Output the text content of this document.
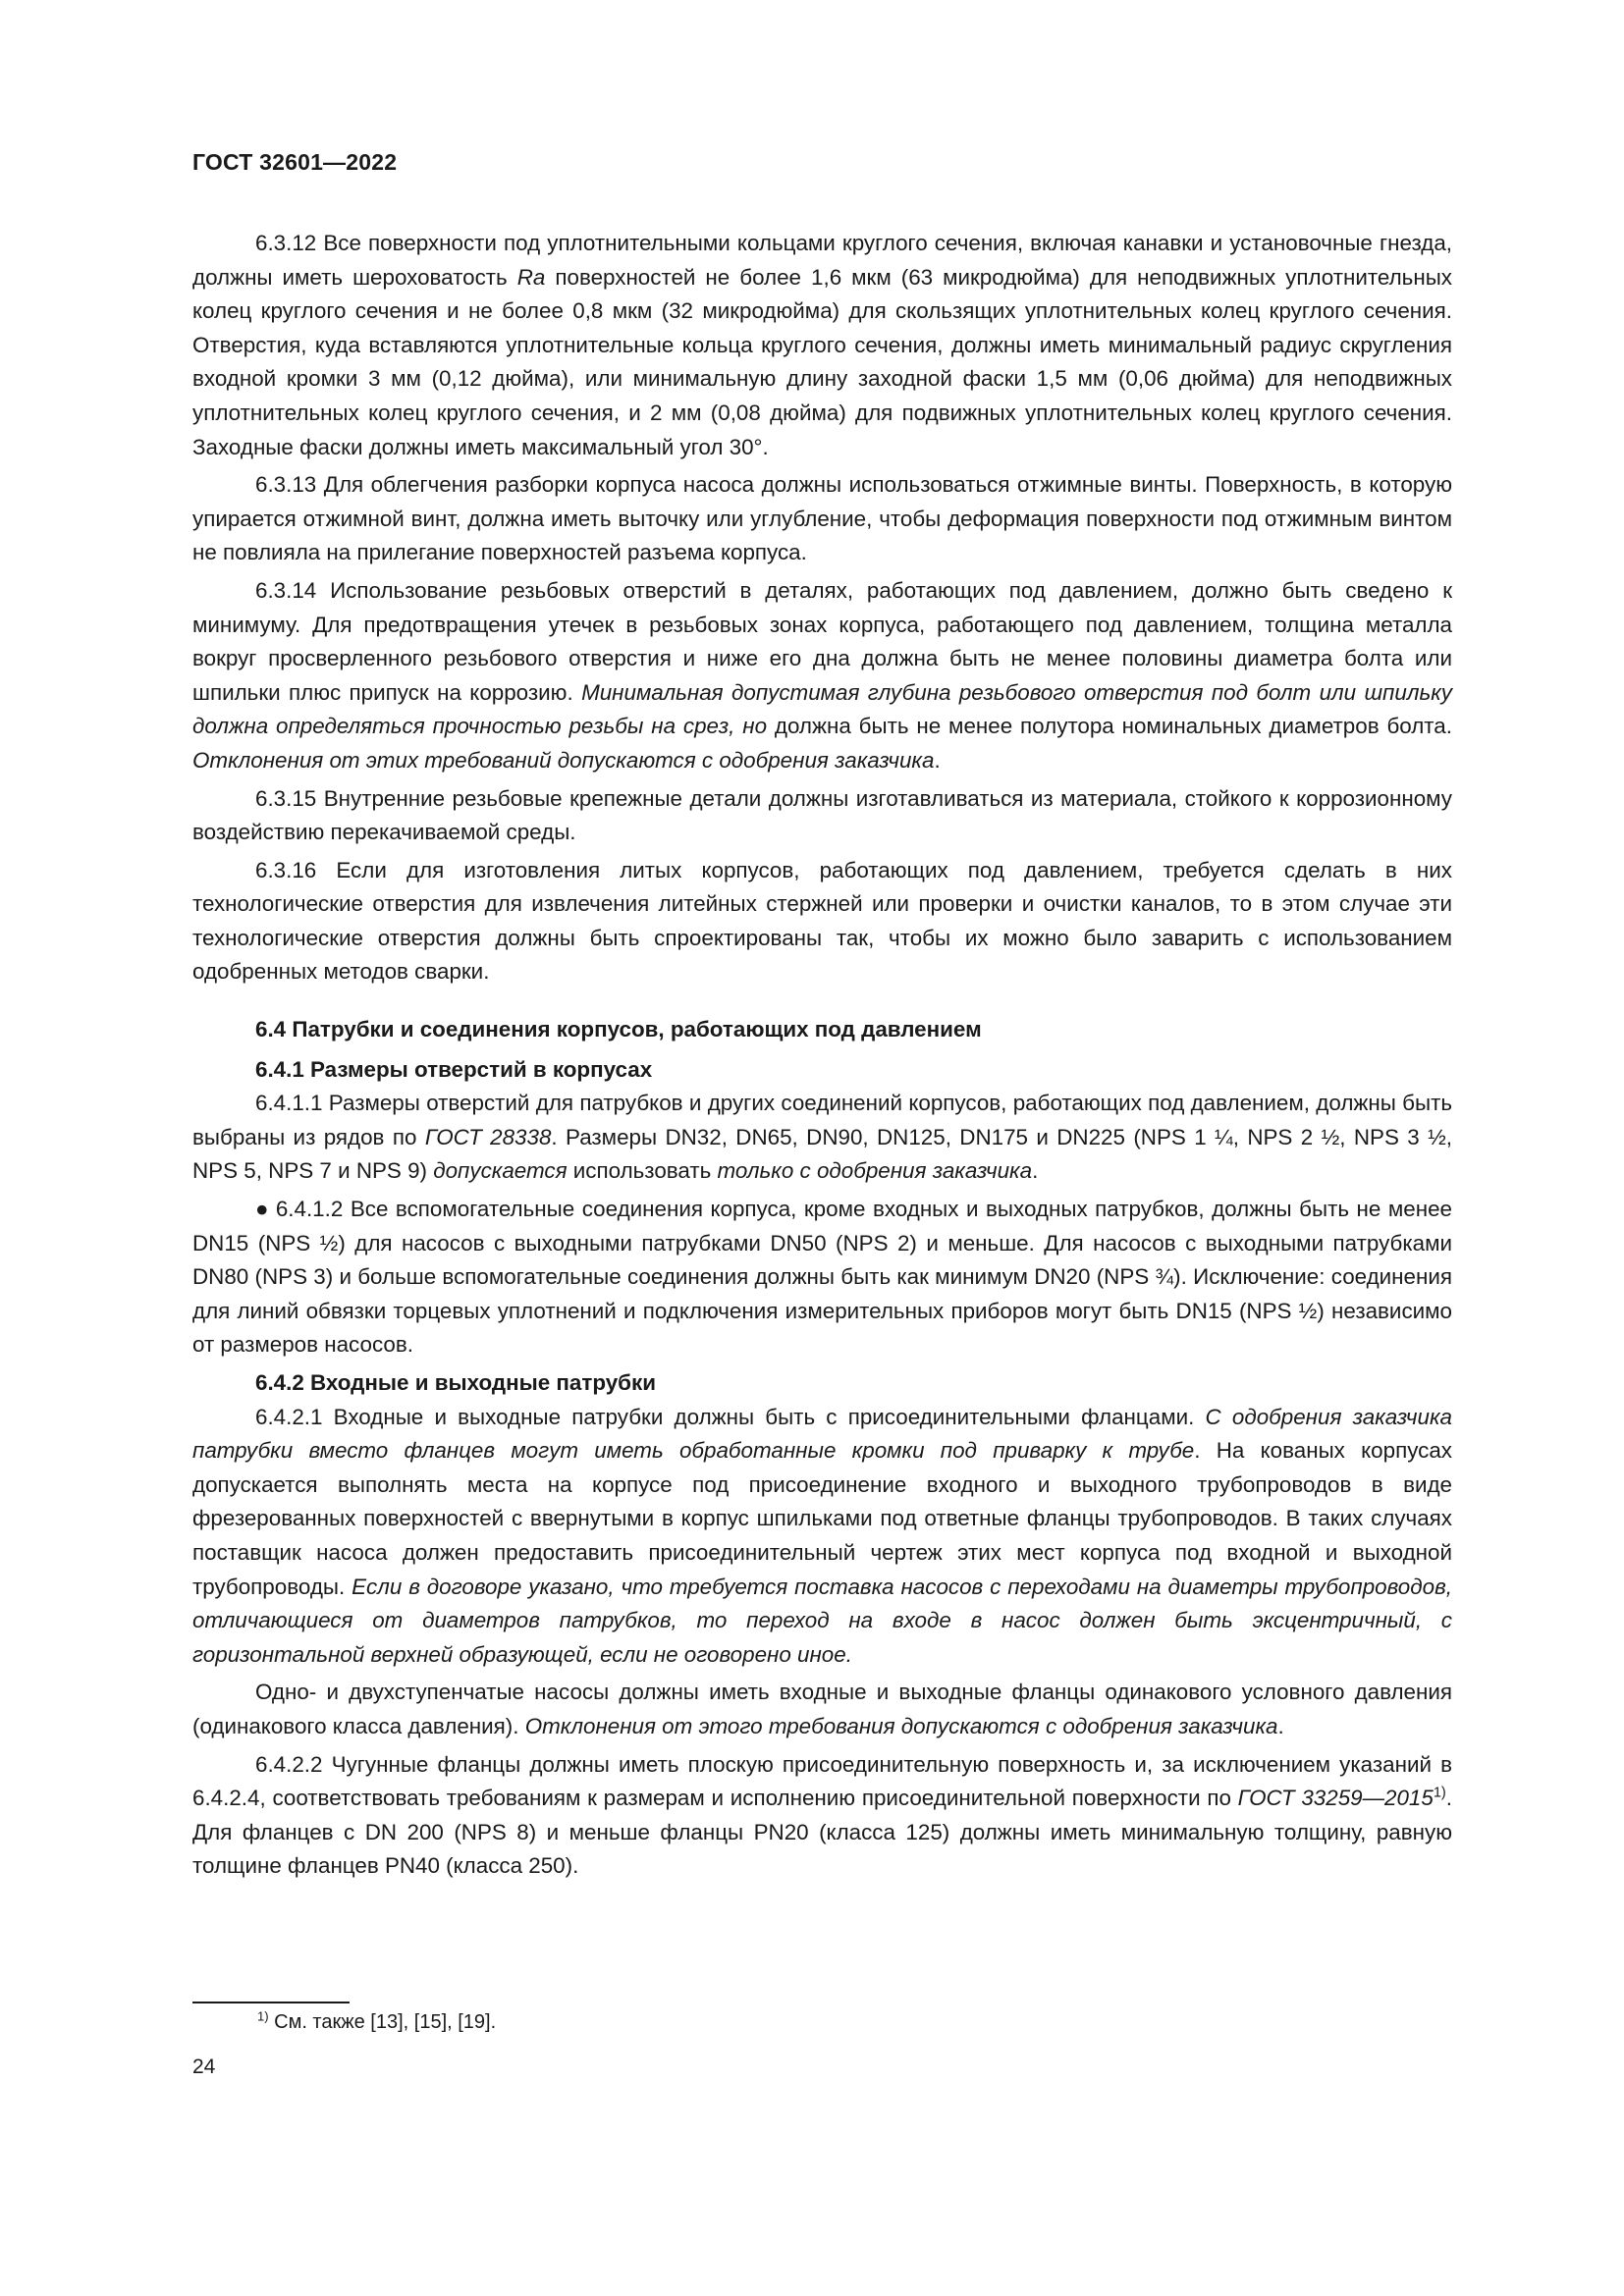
ГОСТ 32601—2022

6.3.12 Все поверхности под уплотнительными кольцами круглого сечения, включая канавки и установочные гнезда, должны иметь шероховатость Ra поверхностей не более 1,6 мкм (63 микродюйма) для неподвижных уплотнительных колец круглого сечения и не более 0,8 мкм (32 микродюйма) для скользящих уплотнительных колец круглого сечения. Отверстия, куда вставляются уплотнительные кольца круглого сечения, должны иметь минимальный радиус скругления входной кромки 3 мм (0,12 дюйма), или минимальную длину заходной фаски 1,5 мм (0,06 дюйма) для неподвижных уплотнительных колец круглого сечения, и 2 мм (0,08 дюйма) для подвижных уплотнительных колец круглого сечения. Заходные фаски должны иметь максимальный угол 30°.

6.3.13 Для облегчения разборки корпуса насоса должны использоваться отжимные винты. Поверхность, в которую упирается отжимной винт, должна иметь выточку или углубление, чтобы деформация поверхности под отжимным винтом не повлияла на прилегание поверхностей разъема корпуса.

6.3.14 Использование резьбовых отверстий в деталях, работающих под давлением, должно быть сведено к минимуму. Для предотвращения утечек в резьбовых зонах корпуса, работающего под давлением, толщина металла вокруг просверленного резьбового отверстия и ниже его дна должна быть не менее половины диаметра болта или шпильки плюс припуск на коррозию. Минимальная допустимая глубина резьбового отверстия под болт или шпильку должна определяться прочностью резьбы на срез, но должна быть не менее полутора номинальных диаметров болта. Отклонения от этих требований допускаются с одобрения заказчика.

6.3.15 Внутренние резьбовые крепежные детали должны изготавливаться из материала, стойкого к коррозионному воздействию перекачиваемой среды.

6.3.16 Если для изготовления литых корпусов, работающих под давлением, требуется сделать в них технологические отверстия для извлечения литейных стержней или проверки и очистки каналов, то в этом случае эти технологические отверстия должны быть спроектированы так, чтобы их можно было заварить с использованием одобренных методов сварки.

6.4 Патрубки и соединения корпусов, работающих под давлением
6.4.1 Размеры отверстий в корпусах

6.4.1.1 Размеры отверстий для патрубков и других соединений корпусов, работающих под давлением, должны быть выбраны из рядов по ГОСТ 28338. Размеры DN32, DN65, DN90, DN125, DN175 и DN225 (NPS 1 ¼, NPS 2 ½, NPS 3 ½, NPS 5, NPS 7 и NPS 9) допускается использовать только с одобрения заказчика.

● 6.4.1.2 Все вспомогательные соединения корпуса, кроме входных и выходных патрубков, должны быть не менее DN15 (NPS ½) для насосов с выходными патрубками DN50 (NPS 2) и меньше. Для насосов с выходными патрубками DN80 (NPS 3) и больше вспомогательные соединения должны быть как минимум DN20 (NPS ¾). Исключение: соединения для линий обвязки торцевых уплотнений и подключения измерительных приборов могут быть DN15 (NPS ½) независимо от размеров насосов.

6.4.2 Входные и выходные патрубки

6.4.2.1 Входные и выходные патрубки должны быть с присоединительными фланцами. С одобрения заказчика патрубки вместо фланцев могут иметь обработанные кромки под приварку к трубе. На кованых корпусах допускается выполнять места на корпусе под присоединение входного и выходного трубопроводов в виде фрезерованных поверхностей с ввернутыми в корпус шпильками под ответные фланцы трубопроводов. В таких случаях поставщик насоса должен предоставить присоединительный чертеж этих мест корпуса под входной и выходной трубопроводы. Если в договоре указано, что требуется поставка насосов с переходами на диаметры трубопроводов, отличающиеся от диаметров патрубков, то переход на входе в насос должен быть эксцентричный, с горизонтальной верхней образующей, если не оговорено иное.

Одно- и двухступенчатые насосы должны иметь входные и выходные фланцы одинакового условного давления (одинакового класса давления). Отклонения от этого требования допускаются с одобрения заказчика.

6.4.2.2 Чугунные фланцы должны иметь плоскую присоединительную поверхность и, за исключением указаний в 6.4.2.4, соответствовать требованиям к размерам и исполнению присоединительной поверхности по ГОСТ 33259—2015$^{1)}$. Для фланцев с DN 200 (NPS 8) и меньше фланцы PN20 (класса 125) должны иметь минимальную толщину, равную толщине фланцев PN40 (класса 250).

$^{1)}$ См. также [13], [15], [19].
24
